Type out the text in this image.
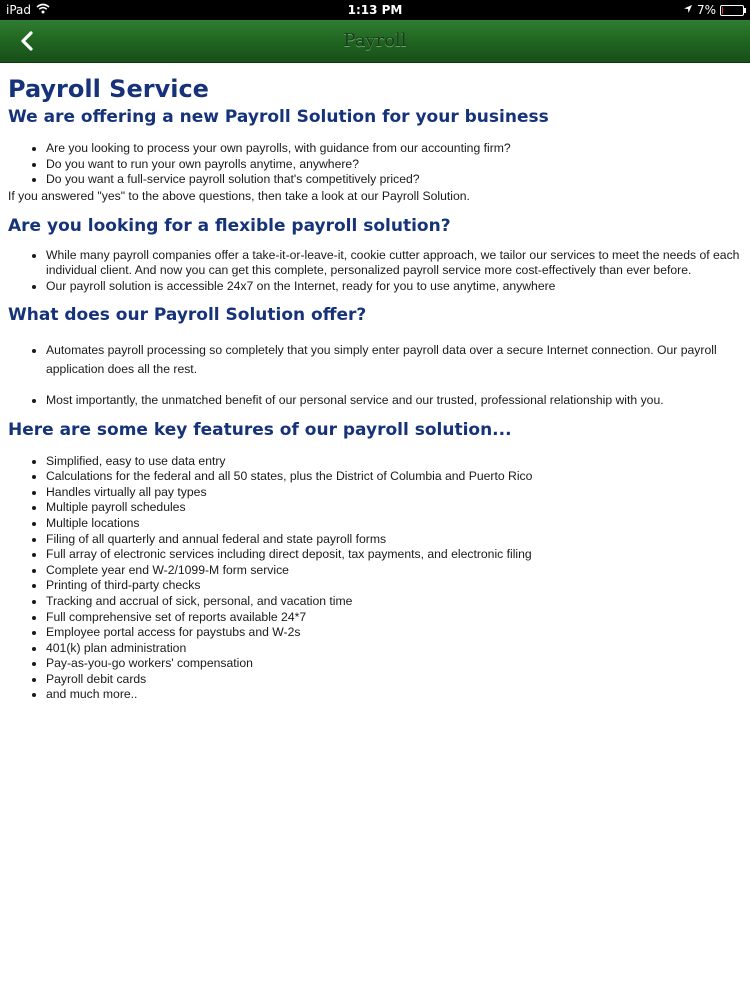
iPad	1:13 PM	7%
Payroll
Payroll Service
We are offering a new Payroll Solution for your business
• Are you looking to process your own payrolls, with guidance from our accounting firm?
• Do you want to run your own payrolls anytime, anywhere?
• Do you want a full-service payroll solution that's competitively priced?

If you answered "yes" to the above questions, then take a look at our Payroll Solution.

Are you looking for a flexible payroll solution?
• While many payroll companies offer a take-it-or-leave-it, cookie cutter approach, we tailor our services to meet the needs of each individual client. And now you can get this complete, personalized payroll service more cost-effectively than ever before.
• Our payroll solution is accessible 24x7 on the Internet, ready for you to use anytime, anywhere
What does our Payroll Solution offer?
• Automates payroll processing so completely that you simply enter payroll data over a secure Internet connection. Our payroll application does all the rest.
• Most importantly, the unmatched benefit of our personal service and our trusted, professional relationship with you.
Here are some key features of our payroll solution...
• Simplified, easy to use data entry
• Calculations for the federal and all 50 states, plus the District of Columbia and Puerto Rico
• Handles virtually all pay types
• Multiple payroll schedules
• Multiple locations
• Filing of all quarterly and annual federal and state payroll forms
• Full array of electronic services including direct deposit, tax payments, and electronic filing
• Complete year end W-2/1099-M form service
• Printing of third-party checks
• Tracking and accrual of sick, personal, and vacation time
• Full comprehensive set of reports available 24*7
• Employee portal access for paystubs and W-2s
• 401(k) plan administration
• Pay-as-you-go workers' compensation
• Payroll debit cards
• and much more..
